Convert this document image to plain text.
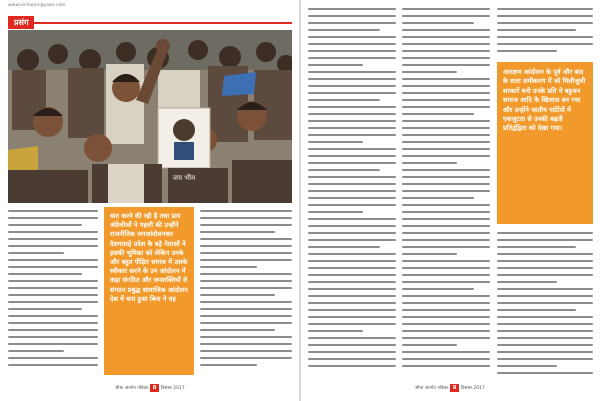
www.vichaarvigyaan.com
प्रसंग
जय भीम

बात करने की रही है तथा प्राय अंग्रेजीजों ने पहली की उन्होंने राजनीतिक जनआंदोलनकर देशगतरहे प्रदेश के बड़े नेताओं ने इसकी भूमिका को लेकिन उनके और बहुत पीड़ित समाज में उसके स्वीकार करने के उन आंदोलन में कहा संगठित और जनशक्तियों से संगठन प्रबुद्ध सामाजिक आंदोलन देश में बना हुआ बिना ने वह

सीधा अंतर्गत पत्रिका 8 दिसंबर 2017

आरक्षण आंदोलन के पूर्व और बाद के सत्ता समीकरण में जो मिलीजुली सरकारें बनी उनके प्रति ये बहुजन समाज आदि के खिलाफ बन गया और उन्होंने जातीय पार्टियों में एकजुटता से उनकी बढ़ती प्रतिद्वंद्विता को देखा गया।

सीधा अंतर्गत पत्रिका 9 दिसंबर 2017
